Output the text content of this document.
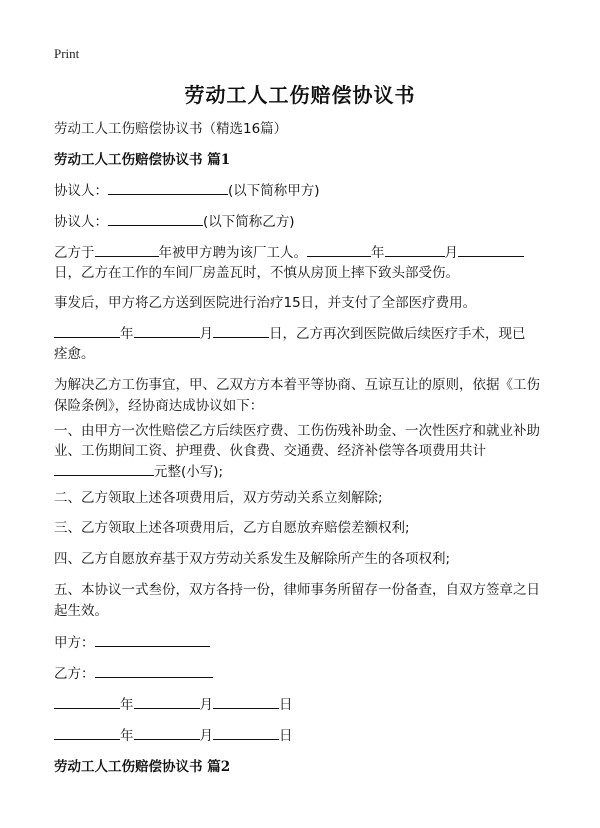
Print
劳动工人工伤赔偿协议书
劳动工人工伤赔偿协议书（精选16篇）
劳动工人工伤赔偿协议书 篇1
协议人：	(以下简称甲方)
协议人：	(以下简称乙方)
乙方于	年被甲方聘为该厂工人。	年	月
日，乙方在工作的车间厂房盖瓦时，不慎从房顶上摔下致头部受伤。
事发后，甲方将乙方送到医院进行治疗15日，并支付了全部医疗费用。
年	月	日，乙方再次到医院做后续医疗手术，现已
痊愈。
为解决乙方工伤事宜，甲、乙双方方本着平等协商、互谅互让的原则，依据《工伤
保险条例》，经协商达成协议如下：
一、由甲方一次性赔偿乙方后续医疗费、工伤伤残补助金、一次性医疗和就业补助
业、工伤期间工资、护理费、伙食费、交通费、经济补偿等各项费用共计
元整(小写);
二、乙方领取上述各项费用后，双方劳动关系立刻解除;
三、乙方领取上述各项费用后，乙方自愿放弃赔偿差额权利;
四、乙方自愿放弃基于双方劳动关系发生及解除所产生的各项权利;
五、本协议一式叁份，双方各持一份，律师事务所留存一份备查，自双方签章之日
起生效。
甲方：
乙方：
年	月	日
年	月	日
劳动工人工伤赔偿协议书 篇2
